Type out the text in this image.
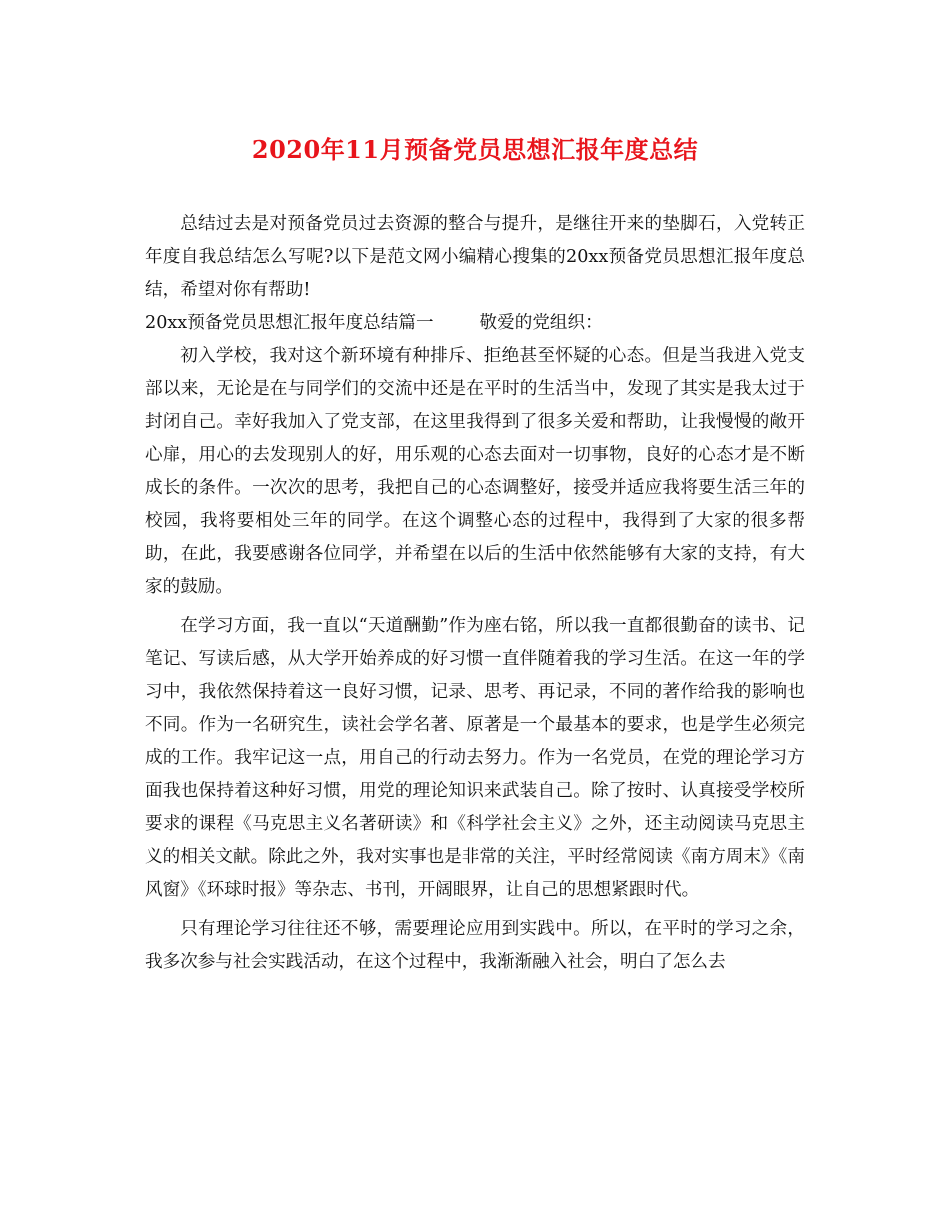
2020年11月预备党员思想汇报年度总结

总结过去是对预备党员过去资源的整合与提升，是继往开来的垫脚石，入党转正年度自我总结怎么写呢?以下是范文网小编精心搜集的20xx预备党员思想汇报年度总结，希望对你有帮助!

20xx预备党员思想汇报年度总结篇一	敬爱的党组织：

初入学校，我对这个新环境有种排斥、拒绝甚至怀疑的心态。但是当我进入党支部以来，无论是在与同学们的交流中还是在平时的生活当中，发现了其实是我太过于封闭自己。幸好我加入了党支部，在这里我得到了很多关爱和帮助，让我慢慢的敞开心扉，用心的去发现别人的好，用乐观的心态去面对一切事物，良好的心态才是不断成长的条件。一次次的思考，我把自己的心态调整好，接受并适应我将要生活三年的校园，我将要相处三年的同学。在这个调整心态的过程中，我得到了大家的很多帮助，在此，我要感谢各位同学，并希望在以后的生活中依然能够有大家的支持，有大家的鼓励。

在学习方面，我一直以“天道酬勤”作为座右铭，所以我一直都很勤奋的读书、记笔记、写读后感，从大学开始养成的好习惯一直伴随着我的学习生活。在这一年的学习中，我依然保持着这一良好习惯，记录、思考、再记录，不同的著作给我的影响也不同。作为一名研究生，读社会学名著、原著是一个最基本的要求，也是学生必须完成的工作。我牢记这一点，用自己的行动去努力。作为一名党员，在党的理论学习方面我也保持着这种好习惯，用党的理论知识来武装自己。除了按时、认真接受学校所要求的课程《马克思主义名著研读》和《科学社会主义》之外，还主动阅读马克思主义的相关文献。除此之外，我对实事也是非常的关注，平时经常阅读《南方周末》《南风窗》《环球时报》等杂志、书刊，开阔眼界，让自己的思想紧跟时代。

只有理论学习往往还不够，需要理论应用到实践中。所以，在平时的学习之余，我多次参与社会实践活动，在这个过程中，我渐渐融入社会，明白了怎么去
